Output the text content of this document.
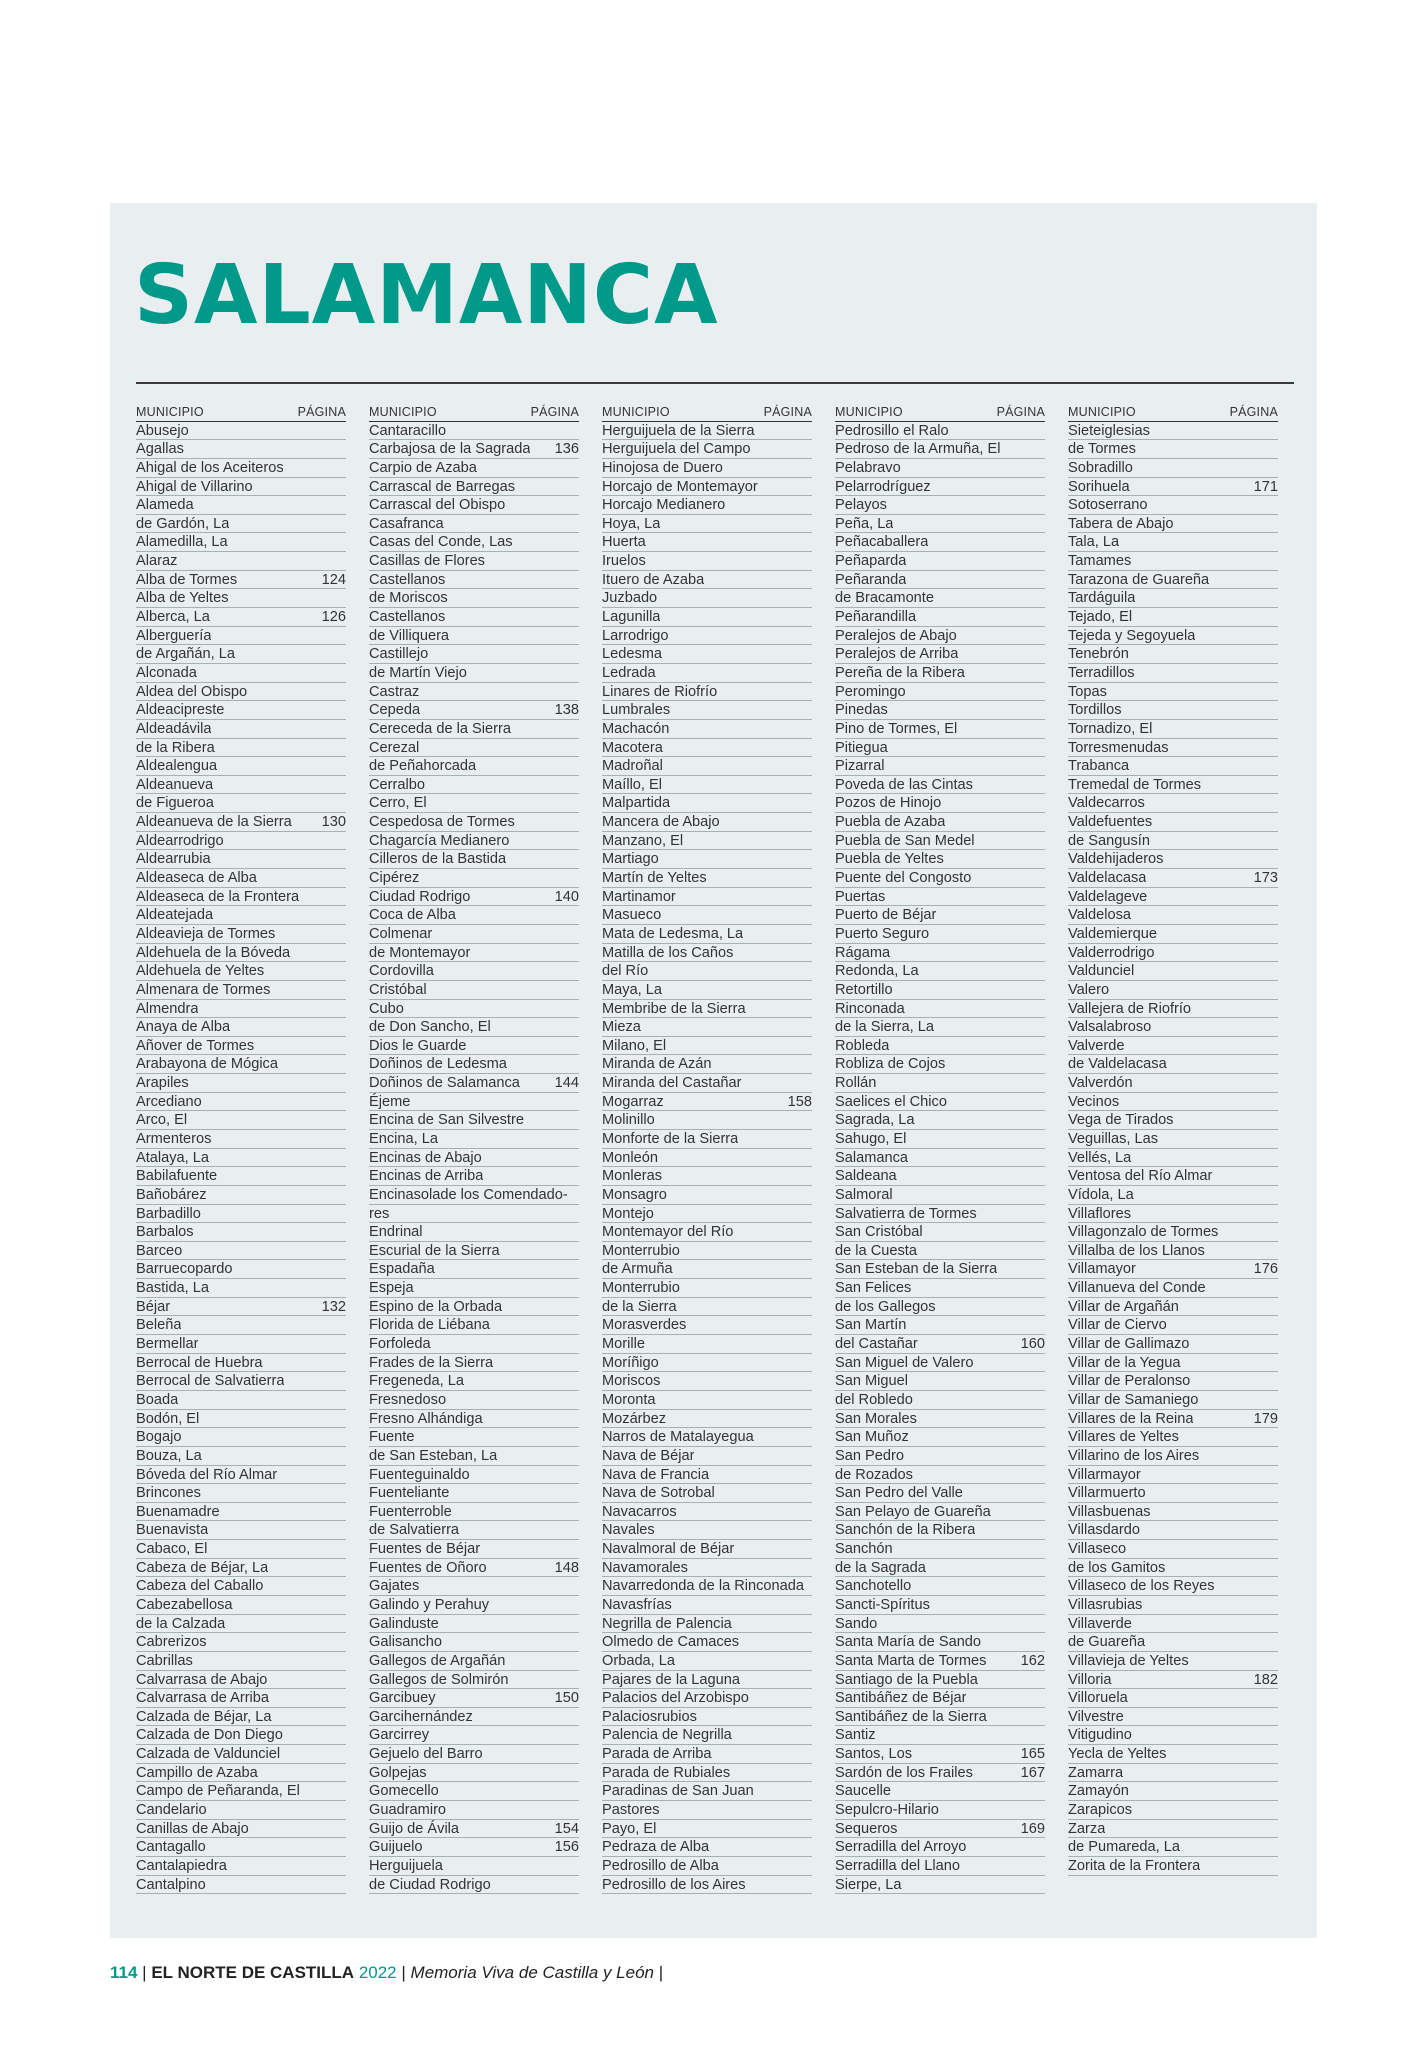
SALAMANCA
MUNICIPIO	PÁGINA
Abusejo
Agallas
Ahigal de los Aceiteros
Ahigal de Villarino
Alameda
de Gardón, La
Alamedilla, La
Alaraz
Alba de Tormes	124
Alba de Yeltes
Alberca, La	126
Alberguería
de Argañán, La
Alconada
Aldea del Obispo
Aldeacipreste
Aldeadávila
de la Ribera
Aldealengua
Aldeanueva
de Figueroa
Aldeanueva de la Sierra 130
Aldearrodrigo
Aldearrubia
Aldeaseca de Alba
Aldeaseca de la Frontera
Aldeatejada
Aldeavieja de Tormes
Aldehuela de la Bóveda
Aldehuela de Yeltes
Almenara de Tormes
Almendra
Anaya de Alba
Añover de Tormes
Arabayona de Mógica
Arapiles
Arcediano
Arco, El
Armenteros
Atalaya, La
Babilafuente
Bañobárez
Barbadillo
Barbalos
Barceo
Barruecopardo
Bastida, La
Béjar	132
Beleña
Bermellar
Berrocal de Huebra
Berrocal de Salvatierra
Boada
Bodón, El
Bogajo
Bouza, La
Bóveda del Río Almar
Brincones
Buenamadre
Buenavista
Cabaco, El
Cabeza de Béjar, La
Cabeza del Caballo
Cabezabellosa
de la Calzada
Cabrerizos
Cabrillas
Calvarrasa de Abajo
Calvarrasa de Arriba
Calzada de Béjar, La
Calzada de Don Diego
Calzada de Valdunciel
Campillo de Azaba
Campo de Peñaranda, El
Candelario
Canillas de Abajo
Cantagallo
Cantalapiedra
Cantalpino
MUNICIPIO	PÁGINA
Cantaracillo
Carbajosa de la Sagrada 136
Carpio de Azaba
Carrascal de Barregas
Carrascal del Obispo
Casafranca
Casas del Conde, Las
Casillas de Flores
Castellanos
de Moriscos
Castellanos
de Villiquera
Castillejo
de Martín Viejo
Castraz
Cepeda	138
Cereceda de la Sierra
Cerezal
de Peñahorcada
Cerralbo
Cerro, El
Cespedosa de Tormes
Chagarcía Medianero
Cilleros de la Bastida
Cipérez
Ciudad Rodrigo	140
Coca de Alba
Colmenar
de Montemayor
Cordovilla
Cristóbal
Cubo
de Don Sancho, El
Dios le Guarde
Doñinos de Ledesma
Doñinos de Salamanca 144
Éjeme
Encina de San Silvestre
Encina, La
Encinas de Abajo
Encinas de Arriba
Encinasolade los Comendado-
res
Endrinal
Escurial de la Sierra
Espadaña
Espeja
Espino de la Orbada
Florida de Liébana
Forfoleda
Frades de la Sierra
Fregeneda, La
Fresnedoso
Fresno Alhándiga
Fuente
de San Esteban, La
Fuenteguinaldo
Fuenteliante
Fuenterroble
de Salvatierra
Fuentes de Béjar
Fuentes de Oñoro	148
Gajates
Galindo y Perahuy
Galinduste
Galisancho
Gallegos de Argañán
Gallegos de Solmirón
Garcibuey	150
Garcihernández
Garcirrey
Gejuelo del Barro
Golpejas
Gomecello
Guadramiro
Guijo de Ávila	154
Guijuelo	156
Herguijuela
de Ciudad Rodrigo
MUNICIPIO	PÁGINA
Herguijuela de la Sierra
Herguijuela del Campo
Hinojosa de Duero
Horcajo de Montemayor
Horcajo Medianero
Hoya, La
Huerta
Iruelos
Ituero de Azaba
Juzbado
Lagunilla
Larrodrigo
Ledesma
Ledrada
Linares de Riofrío
Lumbrales
Machacón
Macotera
Madroñal
Maíllo, El
Malpartida
Mancera de Abajo
Manzano, El
Martiago
Martín de Yeltes
Martinamor
Masueco
Mata de Ledesma, La
Matilla de los Caños
del Río
Maya, La
Membribe de la Sierra
Mieza
Milano, El
Miranda de Azán
Miranda del Castañar
Mogarraz	158
Molinillo
Monforte de la Sierra
Monleón
Monleras
Monsagro
Montejo
Montemayor del Río
Monterrubio
de Armuña
Monterrubio
de la Sierra
Morasverdes
Morille
Moríñigo
Moriscos
Moronta
Mozárbez
Narros de Matalayegua
Nava de Béjar
Nava de Francia
Nava de Sotrobal
Navacarros
Navales
Navalmoral de Béjar
Navamorales
Navarredonda de la Rinconada
Navasfrías
Negrilla de Palencia
Olmedo de Camaces
Orbada, La
Pajares de la Laguna
Palacios del Arzobispo
Palaciosrubios
Palencia de Negrilla
Parada de Arriba
Parada de Rubiales
Paradinas de San Juan
Pastores
Payo, El
Pedraza de Alba
Pedrosillo de Alba
Pedrosillo de los Aires
MUNICIPIO	PÁGINA
Pedrosillo el Ralo
Pedroso de la Armuña, El
Pelabravo
Pelarrodríguez
Pelayos
Peña, La
Peñacaballera
Peñaparda
Peñaranda
de Bracamonte
Peñarandilla
Peralejos de Abajo
Peralejos de Arriba
Pereña de la Ribera
Peromingo
Pinedas
Pino de Tormes, El
Pitiegua
Pizarral
Poveda de las Cintas
Pozos de Hinojo
Puebla de Azaba
Puebla de San Medel
Puebla de Yeltes
Puente del Congosto
Puertas
Puerto de Béjar
Puerto Seguro
Rágama
Redonda, La
Retortillo
Rinconada
de la Sierra, La
Robleda
Robliza de Cojos
Rollán
Saelices el Chico
Sagrada, La
Sahugo, El
Salamanca
Saldeana
Salmoral
Salvatierra de Tormes
San Cristóbal
de la Cuesta
San Esteban de la Sierra
San Felices
de los Gallegos
San Martín
del Castañar	160
San Miguel de Valero
San Miguel
del Robledo
San Morales
San Muñoz
San Pedro
de Rozados
San Pedro del Valle
San Pelayo de Guareña
Sanchón de la Ribera
Sanchón
de la Sagrada
Sanchotello
Sancti-Spíritus
Sando
Santa María de Sando
Santa Marta de Tormes 162
Santiago de la Puebla
Santibáñez de Béjar
Santibáñez de la Sierra
Santiz
Santos, Los	165
Sardón de los Frailes	167
Saucelle
Sepulcro-Hilario
Sequeros	169
Serradilla del Arroyo
Serradilla del Llano
Sierpe, La
MUNICIPIO	PÁGINA
Sieteiglesias
de Tormes
Sobradillo
Sorihuela	171
Sotoserrano
Tabera de Abajo
Tala, La
Tamames
Tarazona de Guareña
Tardáguila
Tejado, El
Tejeda y Segoyuela
Tenebrón
Terradillos
Topas
Tordillos
Tornadizo, El
Torresmenudas
Trabanca
Tremedal de Tormes
Valdecarros
Valdefuentes
de Sangusín
Valdehijaderos
Valdelacasa	173
Valdelageve
Valdelosa
Valdemierque
Valderrodrigo
Valdunciel
Valero
Vallejera de Riofrío
Valsalabroso
Valverde
de Valdelacasa
Valverdón
Vecinos
Vega de Tirados
Veguillas, Las
Vellés, La
Ventosa del Río Almar
Vídola, La
Villaflores
Villagonzalo de Tormes
Villalba de los Llanos
Villamayor	176
Villanueva del Conde
Villar de Argañán
Villar de Ciervo
Villar de Gallimazo
Villar de la Yegua
Villar de Peralonso
Villar de Samaniego
Villares de la Reina	179
Villares de Yeltes
Villarino de los Aires
Villarmayor
Villarmuerto
Villasbuenas
Villasdardo
Villaseco
de los Gamitos
Villaseco de los Reyes
Villasrubias
Villaverde
de Guareña
Villavieja de Yeltes
Villoria	182
Villoruela
Vilvestre
Vitigudino
Yecla de Yeltes
Zamarra
Zamayón
Zarapicos
Zarza
de Pumareda, La
Zorita de la Frontera
114 | EL NORTE DE CASTILLA 2022 | Memoria Viva de Castilla y León |
